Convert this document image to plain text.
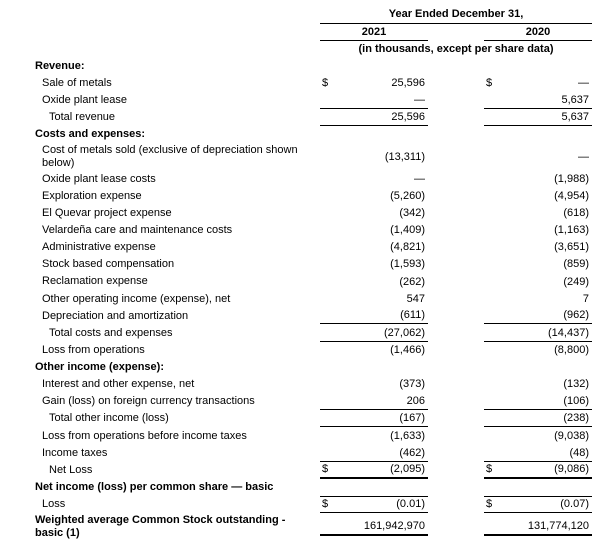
Year Ended December 31,
2021	2020
(in thousands, except per share data)
Revenue:
Sale of metals	$	25,596	$	—
Oxide plant lease	—	5,637
Total revenue	25,596	5,637
Costs and expenses:
Cost of metals sold (exclusive of depreciation shown below)
(13,311)	—
Oxide plant lease costs	—	(1,988)
Exploration expense	(5,260)	(4,954)
El Quevar project expense	(342)	(618)
Velardeña care and maintenance costs	(1,409)	(1,163)
Administrative expense	(4,821)	(3,651)
Stock based compensation	(1,593)	(859)
Reclamation expense	(262)	(249)
Other operating income (expense), net	547	7
Depreciation and amortization	(611)	(962)
Total costs and expenses	(27,062)	(14,437)
Loss from operations	(1,466)	(8,800)
Other income (expense):
Interest and other expense, net	(373)	(132)
Gain (loss) on foreign currency transactions	206	(106)
Total other income (loss)	(167)	(238)
Loss from operations before income taxes	(1,633)	(9,038)
Income taxes	(462)	(48)
Net Loss	$	(2,095)	$	(9,086)
Net income (loss) per common share — basic
Loss	$	(0.01)	$	(0.07)
Weighted average Common Stock outstanding - basic (1)
161,942,970	131,774,120
